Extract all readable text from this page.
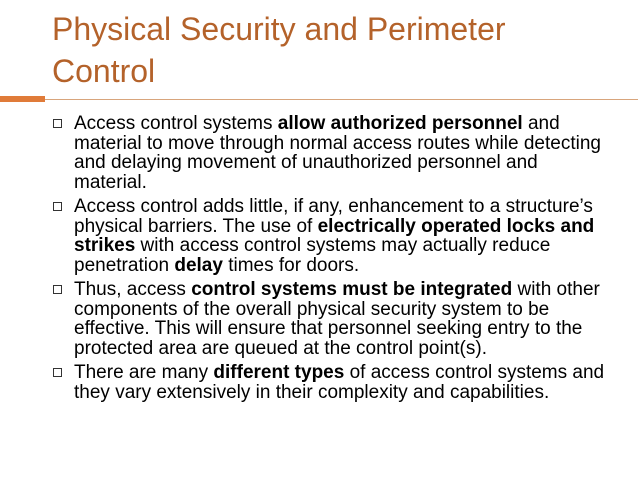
Physical Security and Perimeter Control
Access control systems allow authorized personnel and material to move through normal access routes while detecting and delaying movement of unauthorized personnel and material.
Access control adds little, if any, enhancement to a structure’s physical barriers. The use of electrically operated locks and strikes with access control systems may actually reduce penetration delay times for doors.
Thus, access control systems must be integrated with other components of the overall physical security system to be effective. This will ensure that personnel seeking entry to the protected area are queued at the control point(s).
There are many different types of access control systems and they vary extensively in their complexity and capabilities.
